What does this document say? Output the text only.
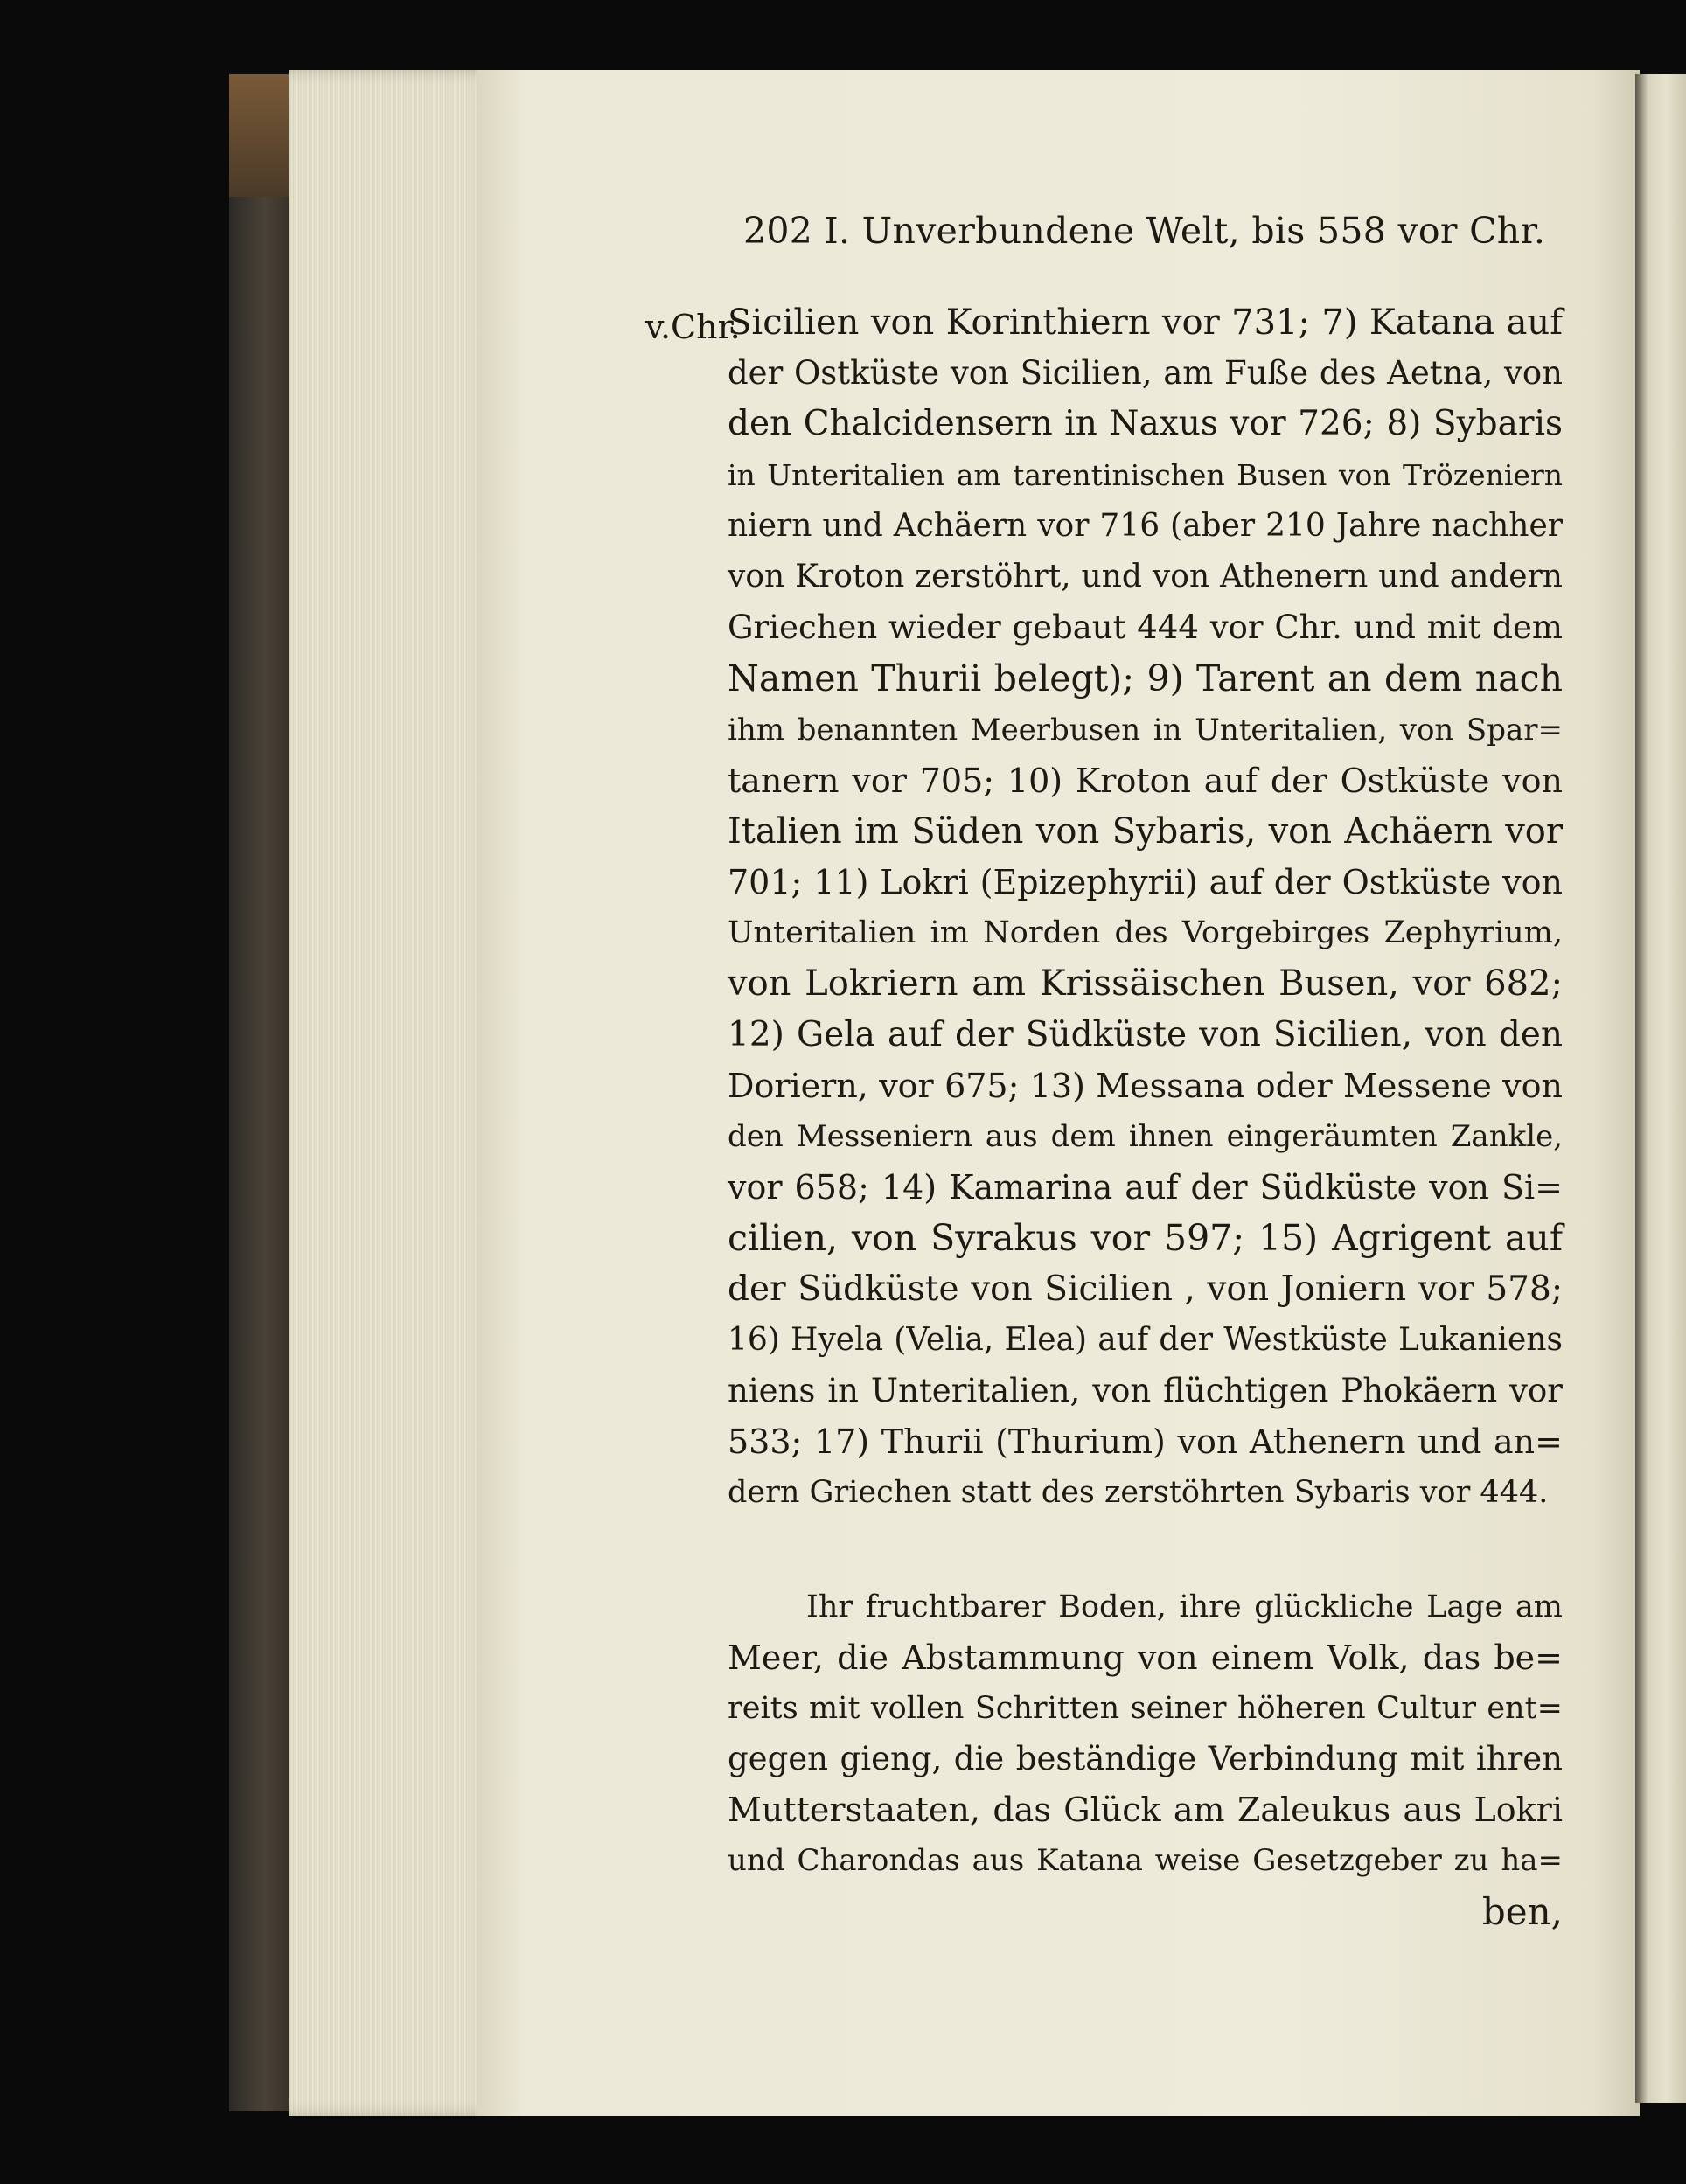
202 I. Unverbundene Welt, bis 558 vor Chr.
v.Chr.
Sicilien von Korinthiern vor 731; 7) Katana auf
der Ostküste von Sicilien, am Fuße des Aetna, von
den Chalcidensern in Naxus vor 726; 8) Sybaris
in Unteritalien am tarentinischen Busen von Trözeniern
niern und Achäern vor 716 (aber 210 Jahre nachher
von Kroton zerstöhrt, und von Athenern und andern
Griechen wieder gebaut 444 vor Chr. und mit dem
Namen Thurii belegt); 9) Tarent an dem nach
ihm benannten Meerbusen in Unteritalien, von Spar=
tanern vor 705; 10) Kroton auf der Ostküste von
Italien im Süden von Sybaris, von Achäern vor
701; 11) Lokri (Epizephyrii) auf der Ostküste von
Unteritalien im Norden des Vorgebirges Zephyrium,
von Lokriern am Krissäischen Busen, vor 682;
12) Gela auf der Südküste von Sicilien, von den
Doriern, vor 675; 13) Messana oder Messene von
den Messeniern aus dem ihnen eingeräumten Zankle,
vor 658; 14) Kamarina auf der Südküste von Si=
cilien, von Syrakus vor 597; 15) Agrigent auf
der Südküste von Sicilien , von Joniern vor 578;
16) Hyela (Velia, Elea) auf der Westküste Lukaniens
niens in Unteritalien, von flüchtigen Phokäern vor
533; 17) Thurii (Thurium) von Athenern und an=
dern Griechen statt des zerstöhrten Sybaris vor 444.
Ihr fruchtbarer Boden, ihre glückliche Lage am
Meer, die Abstammung von einem Volk, das be=
reits mit vollen Schritten seiner höheren Cultur ent=
gegen gieng, die beständige Verbindung mit ihren
Mutterstaaten, das Glück am Zaleukus aus Lokri
und Charondas aus Katana weise Gesetzgeber zu ha=
ben,
